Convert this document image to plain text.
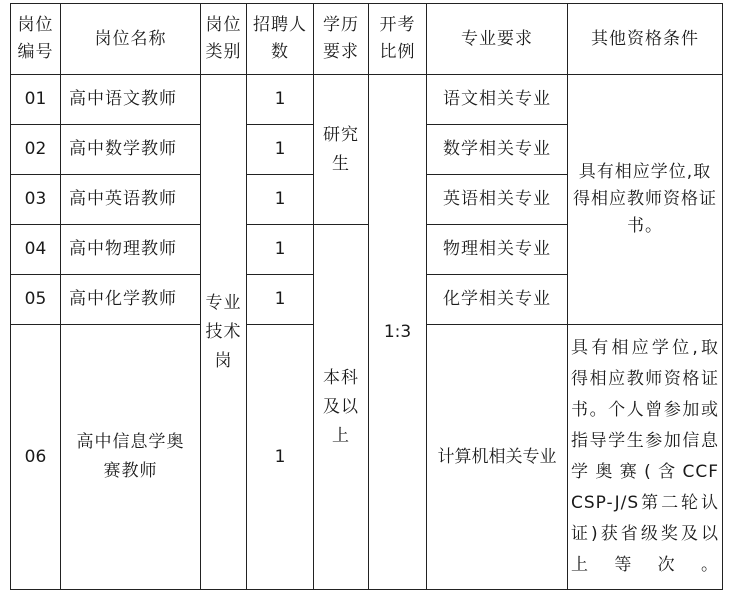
岗位编号	岗位名称	岗位类别	招聘人数	学历要求	开考比例	专业要求	其他资格条件
01	高中语文教师	专业技术岗	1	研究生	1:3	语文相关专业	具有相应学位,取得相应教师资格证书。
02	高中数学教师		1			数学相关专业	
03	高中英语教师		1			英语相关专业	
04	高中物理教师		1	本科及以上		物理相关专业	
05	高中化学教师		1			化学相关专业	
06	高中信息学奥赛教师		1			计算机相关专业	具有相应学位,取得相应教师资格证书。个人曾参加或指导学生参加信息学奥赛(含CCF CSP-J/S第二轮认证)获省级奖及以上等次。
